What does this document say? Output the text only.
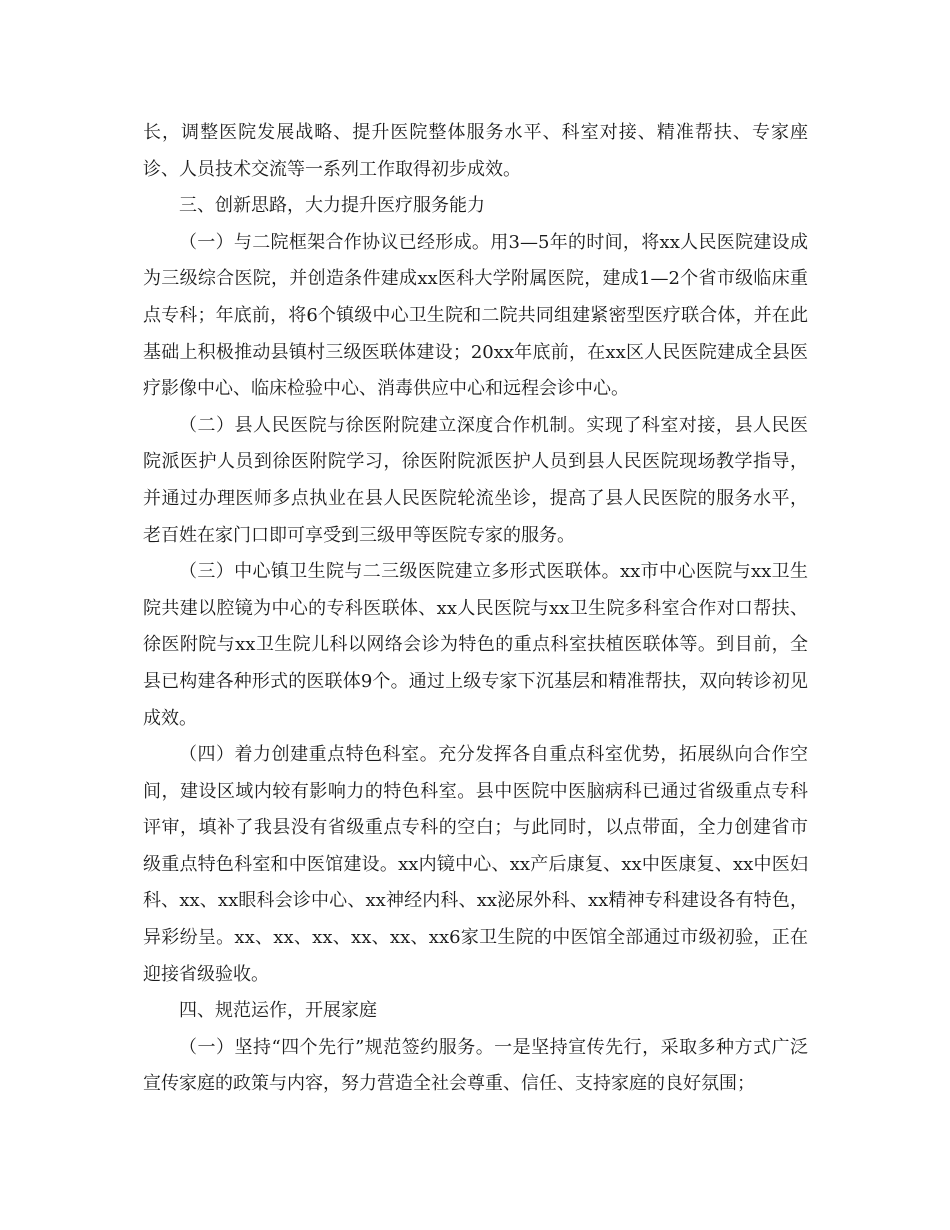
长，调整医院发展战略、提升医院整体服务水平、科室对接、精准帮扶、专家座诊、人员技术交流等一系列工作取得初步成效。

三、创新思路，大力提升医疗服务能力

（一）与二院框架合作协议已经形成。用3—5年的时间，将xx人民医院建设成为三级综合医院，并创造条件建成xx医科大学附属医院，建成1—2个省市级临床重点专科；年底前，将6个镇级中心卫生院和二院共同组建紧密型医疗联合体，并在此基础上积极推动县镇村三级医联体建设；20xx年底前，在xx区人民医院建成全县医疗影像中心、临床检验中心、消毒供应中心和远程会诊中心。

（二）县人民医院与徐医附院建立深度合作机制。实现了科室对接，县人民医院派医护人员到徐医附院学习，徐医附院派医护人员到县人民医院现场教学指导，并通过办理医师多点执业在县人民医院轮流坐诊，提高了县人民医院的服务水平，老百姓在家门口即可享受到三级甲等医院专家的服务。

（三）中心镇卫生院与二三级医院建立多形式医联体。xx市中心医院与xx卫生院共建以腔镜为中心的专科医联体、xx人民医院与xx卫生院多科室合作对口帮扶、徐医附院与xx卫生院儿科以网络会诊为特色的重点科室扶植医联体等。到目前，全县已构建各种形式的医联体9个。通过上级专家下沉基层和精准帮扶，双向转诊初见成效。

（四）着力创建重点特色科室。充分发挥各自重点科室优势，拓展纵向合作空间，建设区域内较有影响力的特色科室。县中医院中医脑病科已通过省级重点专科评审，填补了我县没有省级重点专科的空白；与此同时，以点带面，全力创建省市级重点特色科室和中医馆建设。xx内镜中心、xx产后康复、xx中医康复、xx中医妇科、xx、xx眼科会诊中心、xx神经内科、xx泌尿外科、xx精神专科建设各有特色，异彩纷呈。xx、xx、xx、xx、xx、xx6家卫生院的中医馆全部通过市级初验，正在迎接省级验收。

四、规范运作，开展家庭

（一）坚持“四个先行”规范签约服务。一是坚持宣传先行，采取多种方式广泛宣传家庭的政策与内容，努力营造全社会尊重、信任、支持家庭的良好氛围；
